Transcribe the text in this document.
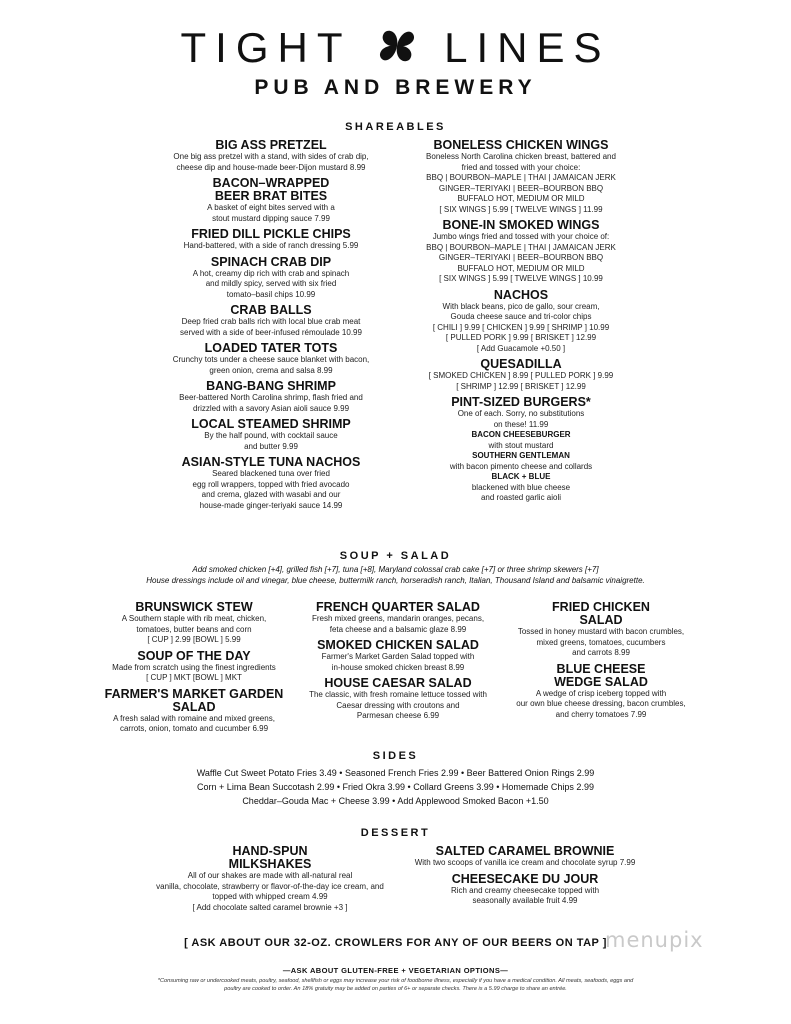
TIGHT LINES
PUB AND BREWERY
SHAREABLES
BIG ASS PRETZEL
One big ass pretzel with a stand, with sides of crab dip,
cheese dip and house-made beer-Dijon mustard 8.99
BACON–WRAPPED
BEER BRAT BITES
A basket of eight bites served with a
stout mustard dipping sauce 7.99
FRIED DILL PICKLE CHIPS
Hand-battered, with a side of ranch dressing 5.99
SPINACH CRAB DIP
A hot, creamy dip rich with crab and spinach
and mildly spicy, served with six fried
tomato–basil chips 10.99
CRAB BALLS
Deep fried crab balls rich with local blue crab meat
served with a side of beer-infused rémoulade 10.99
LOADED TATER TOTS
Crunchy tots under a cheese sauce blanket with bacon,
green onion, crema and salsa 8.99
BANG-BANG SHRIMP
Beer-battered North Carolina shrimp, flash fried and
drizzled with a savory Asian aioli sauce 9.99
LOCAL STEAMED SHRIMP
By the half pound, with cocktail sauce
and butter 9.99
ASIAN-STYLE TUNA NACHOS
Seared blackened tuna over fried
egg roll wrappers, topped with fried avocado
and crema, glazed with wasabi and our
house-made ginger-teriyaki sauce 14.99
BONELESS CHICKEN WINGS
Boneless North Carolina chicken breast, battered and
fried and tossed with your choice:
BBQ | BOURBON–MAPLE | THAI | JAMAICAN JERK
GINGER–TERIYAKI | BEER–BOURBON BBQ
BUFFALO HOT, MEDIUM OR MILD
[ SIX WINGS ] 5.99 [ TWELVE WINGS ] 11.99
BONE-IN SMOKED WINGS
Jumbo wings fried and tossed with your choice of:
BBQ | BOURBON–MAPLE | THAI | JAMAICAN JERK
GINGER–TERIYAKI | BEER–BOURBON BBQ
BUFFALO HOT, MEDIUM OR MILD
[ SIX WINGS ] 5.99 [ TWELVE WINGS ] 10.99
NACHOS
With black beans, pico de gallo, sour cream,
Gouda cheese sauce and tri-color chips
[ CHILI ] 9.99 [ CHICKEN ] 9.99 [ SHRIMP ] 10.99
[ PULLED PORK ] 9.99 [ BRISKET ] 12.99
[ Add Guacamole +0.50 ]
QUESADILLA
[ SMOKED CHICKEN ] 8.99 [ PULLED PORK ] 9.99
[ SHRIMP ] 12.99 [ BRISKET ] 12.99
PINT-SIZED BURGERS*
One of each. Sorry, no substitutions
on these! 11.99
BACON CHEESEBURGER
with stout mustard
SOUTHERN GENTLEMAN
with bacon pimento cheese and collards
BLACK + BLUE
blackened with blue cheese
and roasted garlic aioli
SOUP + SALAD
Add smoked chicken [+4], grilled fish [+7], tuna [+8], Maryland colossal crab cake [+7] or three shrimp skewers [+7]
House dressings include oil and vinegar, blue cheese, buttermilk ranch, horseradish ranch, Italian, Thousand Island and balsamic vinaigrette.
BRUNSWICK STEW
A Southern staple with rib meat, chicken,
tomatoes, butter beans and corn
[ CUP ] 2.99 [BOWL ] 5.99
SOUP OF THE DAY
Made from scratch using the finest ingredients
[ CUP ] MKT [BOWL ] MKT
FARMER'S MARKET GARDEN SALAD
A fresh salad with romaine and mixed greens,
carrots, onion, tomato and cucumber 6.99
FRENCH QUARTER SALAD
Fresh mixed greens, mandarin oranges, pecans,
feta cheese and a balsamic glaze 8.99
SMOKED CHICKEN SALAD
Farmer's Market Garden Salad topped with
in-house smoked chicken breast 8.99
HOUSE CAESAR SALAD
The classic, with fresh romaine lettuce tossed with
Caesar dressing with croutons and
Parmesan cheese 6.99
FRIED CHICKEN
SALAD
Tossed in honey mustard with bacon crumbles,
mixed greens, tomatoes, cucumbers
and carrots 8.99
BLUE CHEESE
WEDGE SALAD
A wedge of crisp iceberg topped with
our own blue cheese dressing, bacon crumbles,
and cherry tomatoes 7.99
SIDES
Waffle Cut Sweet Potato Fries 3.49 • Seasoned French Fries 2.99 • Beer Battered Onion Rings 2.99
Corn + Lima Bean Succotash 2.99 • Fried Okra 3.99 • Collard Greens 3.99 • Homemade Chips 2.99
Cheddar–Gouda Mac + Cheese 3.99 • Add Applewood Smoked Bacon +1.50
DESSERT
HAND-SPUN
MILKSHAKES
All of our shakes are made with all-natural real
vanilla, chocolate, strawberry or flavor-of-the-day ice cream, and
topped with whipped cream 4.99
[ Add chocolate salted caramel brownie +3 ]
SALTED CARAMEL BROWNIE
With two scoops of vanilla ice cream and chocolate syrup 7.99
CHEESECAKE DU JOUR
Rich and creamy cheesecake topped with
seasonally available fruit 4.99
menupix
[ ASK ABOUT OUR 32-OZ. CROWLERS FOR ANY OF OUR BEERS ON TAP ]
—ASK ABOUT GLUTEN-FREE + VEGETARIAN OPTIONS—
*Consuming raw or undercooked meats, poultry, seafood, shellfish or eggs may increase your risk of foodborne illness, especially if you have a medical condition. All meats, seafoods, eggs and
poultry are cooked to order. An 18% gratuity may be added on parties of 6+ or separate checks. There is a 5.99 charge to share an entrée.
